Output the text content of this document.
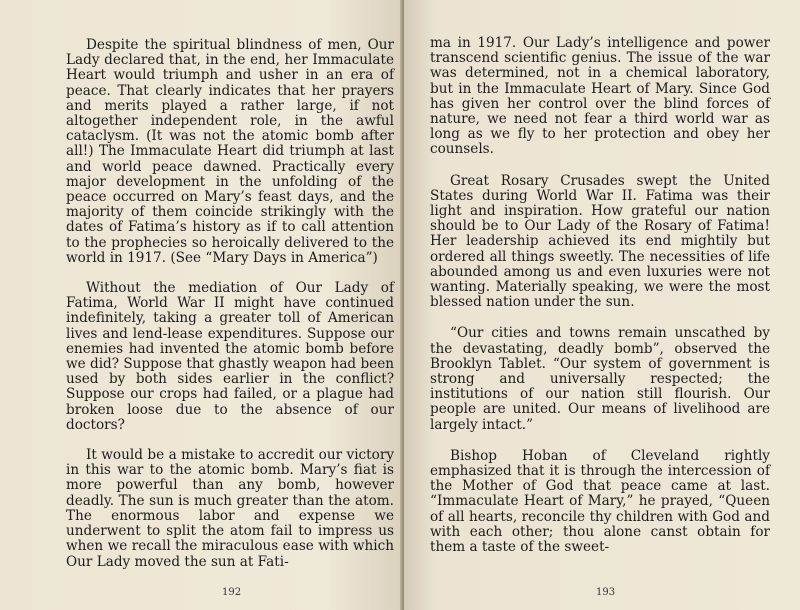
Despite the spiritual blindness of men, Our Lady declared that, in the end, her Immaculate Heart would triumph and usher in an era of peace. That clearly indicates that her prayers and merits played a rather large, if not altogether independent role, in the awful cataclysm. (It was not the atomic bomb after all!) The Immaculate Heart did triumph at last and world peace dawned. Practically every major development in the unfolding of the peace occurred on Mary’s feast days, and the majority of them coincide strikingly with the dates of Fatima’s history as if to call attention to the prophecies so heroically delivered to the world in 1917. (See “Mary Days in America”)

Without the mediation of Our Lady of Fatima, World War II might have continued indefinitely, taking a greater toll of American lives and lend-lease expenditures. Suppose our enemies had invented the atomic bomb before we did? Suppose that ghastly weapon had been used by both sides earlier in the conflict? Suppose our crops had failed, or a plague had broken loose due to the absence of our doctors?

It would be a mistake to accredit our victory in this war to the atomic bomb. Mary’s fiat is more powerful than any bomb, however deadly. The sun is much greater than the atom. The enormous labor and expense we underwent to split the atom fail to impress us when we recall the miraculous ease with which Our Lady moved the sun at Fati-

192

ma in 1917. Our Lady’s intelligence and power transcend scientific genius. The issue of the war was determined, not in a chemical laboratory, but in the Immaculate Heart of Mary. Since God has given her control over the blind forces of nature, we need not fear a third world war as long as we fly to her protection and obey her counsels.

Great Rosary Crusades swept the United States during World War II. Fatima was their light and inspiration. How grateful our nation should be to Our Lady of the Rosary of Fatima! Her leadership achieved its end mightily but ordered all things sweetly. The necessities of life abounded among us and even luxuries were not wanting. Materially speaking, we were the most blessed nation under the sun.

“Our cities and towns remain unscathed by the devastating, deadly bomb”, observed the Brooklyn Tablet. “Our system of government is strong and universally respected; the institutions of our nation still flourish. Our people are united. Our means of livelihood are largely intact.”

Bishop Hoban of Cleveland rightly emphasized that it is through the intercession of the Mother of God that peace came at last. “Immaculate Heart of Mary,” he prayed, “Queen of all hearts, reconcile thy children with God and with each other; thou alone canst obtain for them a taste of the sweet-

193
